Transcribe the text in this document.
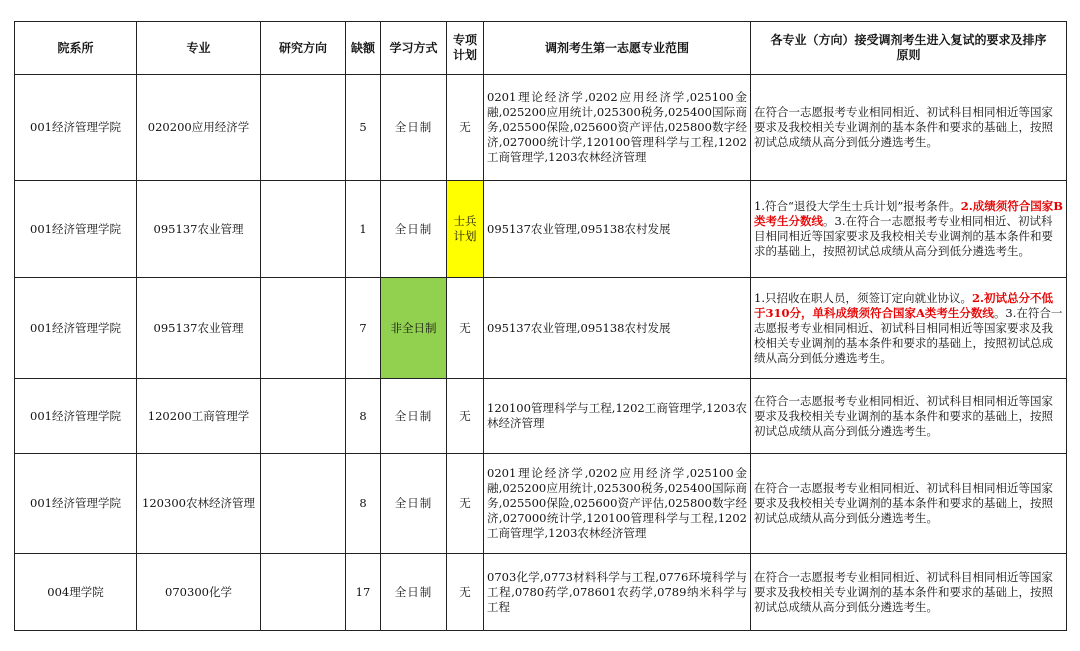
院系所	专业	研究方向	缺额	学习方式	专项计划	调剂考生第一志愿专业范围	各专业（方向）接受调剂考生进入复试的要求及排序原则
001经济管理学院	020200应用经济学		5	全日制	无	0201理论经济学,0202应用经济学,025100金融,025200应用统计,025300税务,025400国际商务,025500保险,025600资产评估,025800数字经济,027000统计学,120100管理科学与工程,1202工商管理学,1203农林经济管理	在符合一志愿报考专业相同相近、初试科目相同相近等国家要求及我校相关专业调剂的基本条件和要求的基础上，按照初试总成绩从高分到低分遴选考生。
001经济管理学院	095137农业管理		1	全日制	士兵计划	095137农业管理,095138农村发展	1.符合“退役大学生士兵计划”报考条件。2.成绩须符合国家B类考生分数线。3.在符合一志愿报考专业相同相近、初试科目相同相近等国家要求及我校相关专业调剂的基本条件和要求的基础上，按照初试总成绩从高分到低分遴选考生。
001经济管理学院	095137农业管理		7	非全日制	无	095137农业管理,095138农村发展	1.只招收在职人员，须签订定向就业协议。2.初试总分不低于310分，单科成绩须符合国家A类考生分数线。3.在符合一志愿报考专业相同相近、初试科目相同相近等国家要求及我校相关专业调剂的基本条件和要求的基础上，按照初试总成绩从高分到低分遴选考生。
001经济管理学院	120200工商管理学		8	全日制	无	120100管理科学与工程,1202工商管理学,1203农林经济管理	在符合一志愿报考专业相同相近、初试科目相同相近等国家要求及我校相关专业调剂的基本条件和要求的基础上，按照初试总成绩从高分到低分遴选考生。
001经济管理学院	120300农林经济管理		8	全日制	无	0201理论经济学,0202应用经济学,025100金融,025200应用统计,025300税务,025400国际商务,025500保险,025600资产评估,025800数字经济,027000统计学,120100管理科学与工程,1202工商管理学,1203农林经济管理	在符合一志愿报考专业相同相近、初试科目相同相近等国家要求及我校相关专业调剂的基本条件和要求的基础上，按照初试总成绩从高分到低分遴选考生。
004理学院	070300化学		17	全日制	无	0703化学,0773材料科学与工程,0776环境科学与工程,0780药学,078601农药学,0789纳米科学与工程	在符合一志愿报考专业相同相近、初试科目相同相近等国家要求及我校相关专业调剂的基本条件和要求的基础上，按照初试总成绩从高分到低分遴选考生。
